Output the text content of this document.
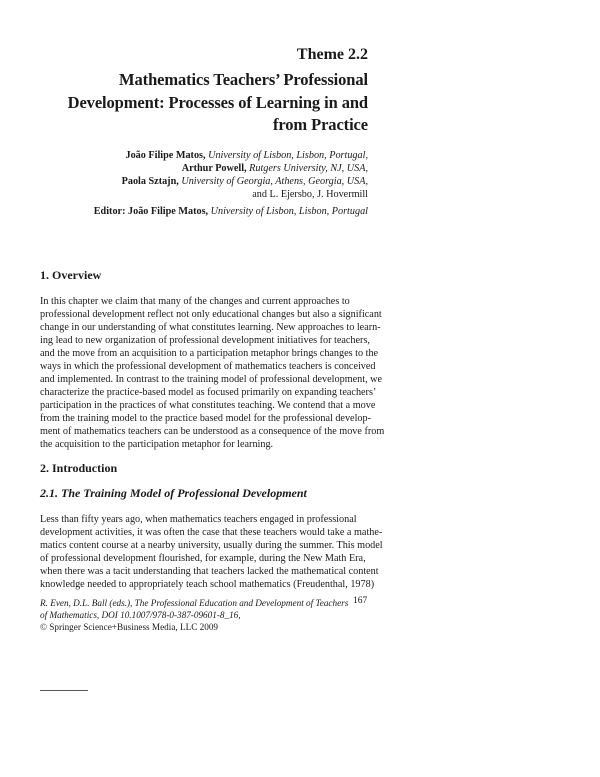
Theme 2.2
Mathematics Teachers’ Professional
Development: Processes of Learning in and
from Practice
João Filipe Matos, University of Lisbon, Lisbon, Portugal,
Arthur Powell, Rutgers University, NJ, USA,
Paola Sztajn, University of Georgia, Athens, Georgia, USA,
and L. Ejersbo, J. Hovermill
Editor: João Filipe Matos, University of Lisbon, Lisbon, Portugal
1. Overview
In this chapter we claim that many of the changes and current approaches to
professional development reflect not only educational changes but also a significant
change in our understanding of what constitutes learning. New approaches to learn-
ing lead to new organization of professional development initiatives for teachers,
and the move from an acquisition to a participation metaphor brings changes to the
ways in which the professional development of mathematics teachers is conceived
and implemented. In contrast to the training model of professional development, we
characterize the practice-based model as focused primarily on expanding teachers’
participation in the practices of what constitutes teaching. We contend that a move
from the training model to the practice based model for the professional develop-
ment of mathematics teachers can be understood as a consequence of the move from
the acquisition to the participation metaphor for learning.
2. Introduction
2.1. The Training Model of Professional Development
Less than fifty years ago, when mathematics teachers engaged in professional
development activities, it was often the case that these teachers would take a mathe-
matics content course at a nearby university, usually during the summer. This model
of professional development flourished, for example, during the New Math Era,
when there was a tacit understanding that teachers lacked the mathematical content
knowledge needed to appropriately teach school mathematics (Freudenthal, 1978)
R. Even, D.L. Ball (eds.), The Professional Education and Development of Teachers 167
of Mathematics, DOI 10.1007/978-0-387-09601-8_16,
© Springer Science+Business Media, LLC 2009
